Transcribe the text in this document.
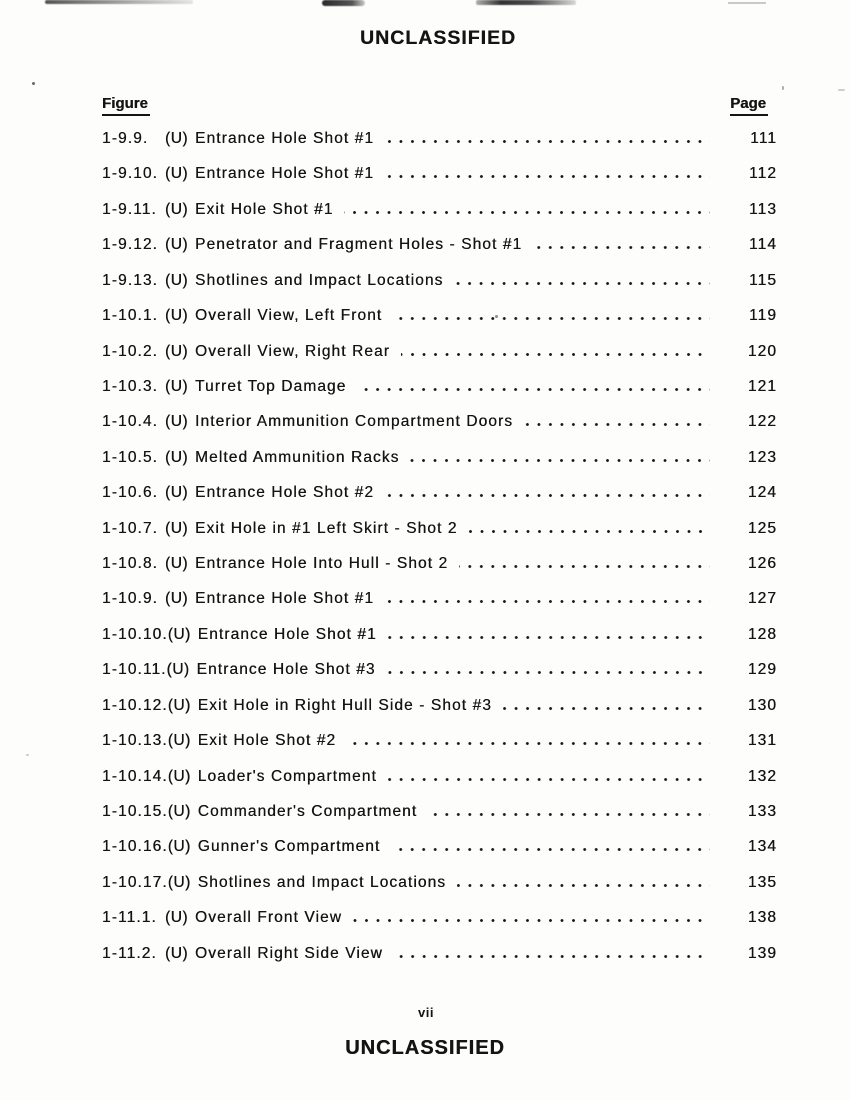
UNCLASSIFIED
Figure	Page
1-9.9.	(U) Entrance Hole Shot #1	111
1-9.10. (U) Entrance Hole Shot #1	112
1-9.11. (U) Exit Hole Shot #1	113
1-9.12. (U) Penetrator and Fragment Holes - Shot #1	114
1-9.13. (U) Shotlines and Impact Locations	115
1-10.1. (U) Overall View, Left Front	119
1-10.2. (U) Overall View, Right Rear	120
1-10.3. (U) Turret Top Damage	121
1-10.4. (U) Interior Ammunition Compartment Doors	122
1-10.5. (U) Melted Ammunition Racks	123
1-10.6. (U) Entrance Hole Shot #2	124
1-10.7. (U) Exit Hole in #1 Left Skirt - Shot 2	125
1-10.8. (U) Entrance Hole Into Hull - Shot 2	126
1-10.9. (U) Entrance Hole Shot #1	127
1-10.10. (U) Entrance Hole Shot #1	128
1-10.11. (U) Entrance Hole Shot #3	129
1-10.12. (U) Exit Hole in Right Hull Side - Shot #3	130
1-10.13. (U) Exit Hole Shot #2	131
1-10.14. (U) Loader's Compartment	132
1-10.15. (U) Commander's Compartment	133
1-10.16. (U) Gunner's Compartment	134
1-10.17. (U) Shotlines and Impact Locations	135
1-11.1. (U) Overall Front View	138
1-11.2. (U) Overall Right Side View	139
vii
UNCLASSIFIED
